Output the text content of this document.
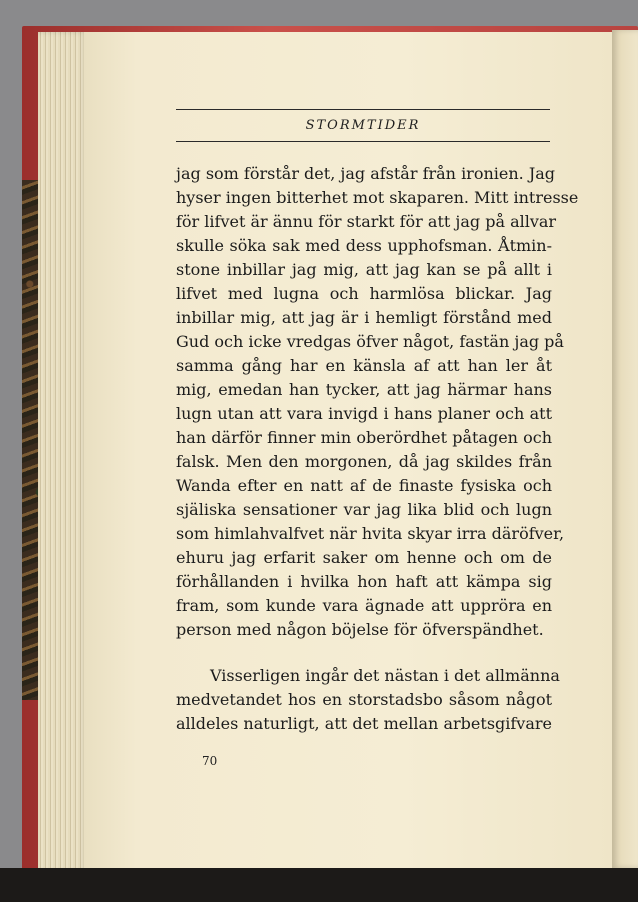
STORMTIDER
jag som förstår det, jag afstår från ironien. Jag
hyser ingen bitterhet mot skaparen. Mitt intresse
för lifvet är ännu för starkt för att jag på allvar
skulle söka sak med dess upphofsman. Åtmin-
stone inbillar jag mig, att jag kan se på allt i
lifvet med lugna och harmlösa blickar. Jag
inbillar mig, att jag är i hemligt förstånd med
Gud och icke vredgas öfver något, fastän jag på
samma gång har en känsla af att han ler åt
mig, emedan han tycker, att jag härmar hans
lugn utan att vara invigd i hans planer och att
han därför finner min oberördhet påtagen och
falsk. Men den morgonen, då jag skildes från
Wanda efter en natt af de finaste fysiska och
själiska sensationer var jag lika blid och lugn
som himlahvalfvet när hvita skyar irra däröfver,
ehuru jag erfarit saker om henne och om de
förhållanden i hvilka hon haft att kämpa sig
fram, som kunde vara ägnade att uppröra en
person med någon böjelse för öfverspändhet.
Visserligen ingår det nästan i det allmänna
medvetandet hos en storstadsbo såsom något
alldeles naturligt, att det mellan arbetsgifvare
70
